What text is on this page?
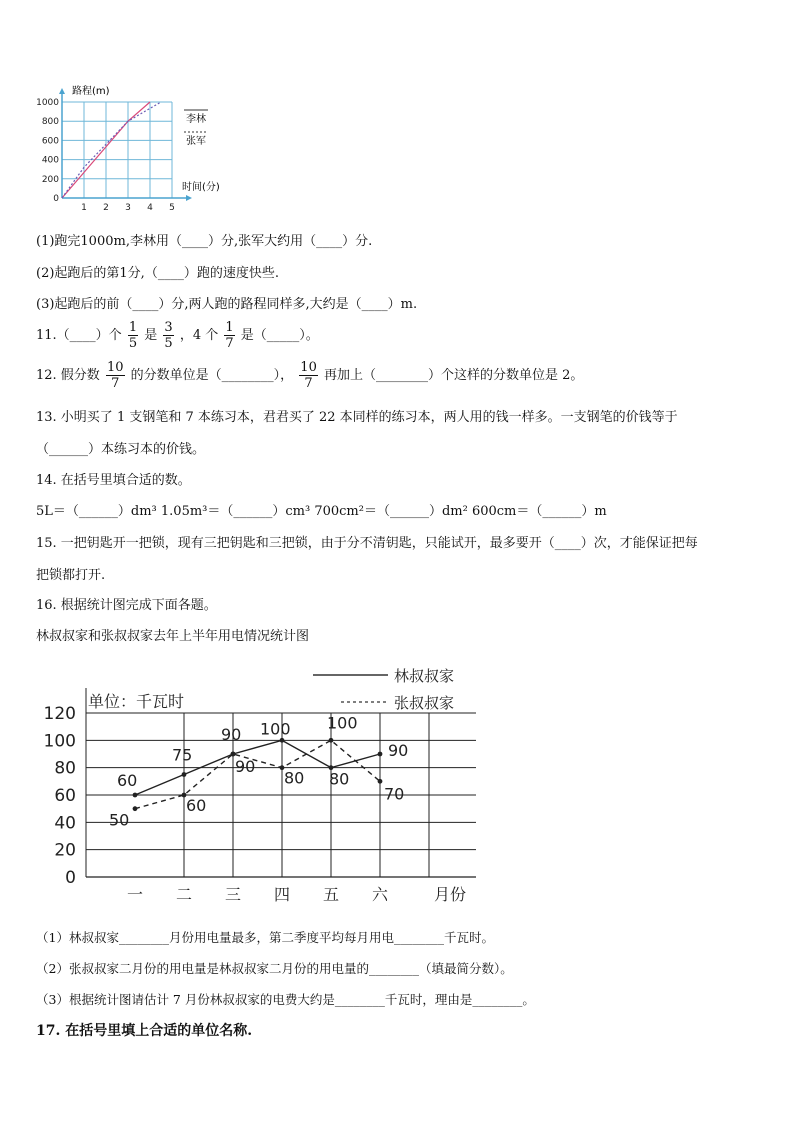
0
200
400
600
800
1000
1 2 3 4 5
路程(m)
时间(分)
李林
张军
(1)跑完1000m,李林用（____）分,张军大约用（____）分.
(2)起跑后的第1分,（____）跑的速度快些.
(3)起跑后的前（____）分,两人跑的路程同样多,大约是（____）m.
11.（____）个 $\frac{1}{5}$ 是 $\frac{3}{5}$ ，4 个 $\frac{1}{7}$ 是（_____）。
12. 假分数 $\frac{10}{7}$ 的分数单位是（________）， $\frac{10}{7}$ 再加上（________）个这样的分数单位是 2。
13. 小明买了 1 支钢笔和 7 本练习本，君君买了 22 本同样的练习本，两人用的钱一样多。一支钢笔的价钱等于
（______）本练习本的价钱。
14. 在括号里填合适的数。
5L＝（______）dm³ 1.05m³＝（______）cm³ 700cm²＝（______）dm² 600cm＝（______）m
15. 一把钥匙开一把锁，现有三把钥匙和三把锁，由于分不清钥匙，只能试开，最多要开（____）次，才能保证把每
把锁都打开.
16. 根据统计图完成下面各题。
林叔叔家和张叔叔家去年上半年用电情况统计图
0
20
40
60
80
100
120
一 二 三 四 五 六
60
75
90 100
80
90
50
60
90
80
100
70
单位：千瓦时
月份
林叔叔家
张叔叔家
（1）林叔叔家________月份用电量最多，第二季度平均每月用电________千瓦时。
（2）张叔叔家二月份的用电量是林叔叔家二月份的用电量的________（填最简分数）。
（3）根据统计图请估计 7 月份林叔叔家的电费大约是________千瓦时，理由是________。
17. 在括号里填上合适的单位名称.
